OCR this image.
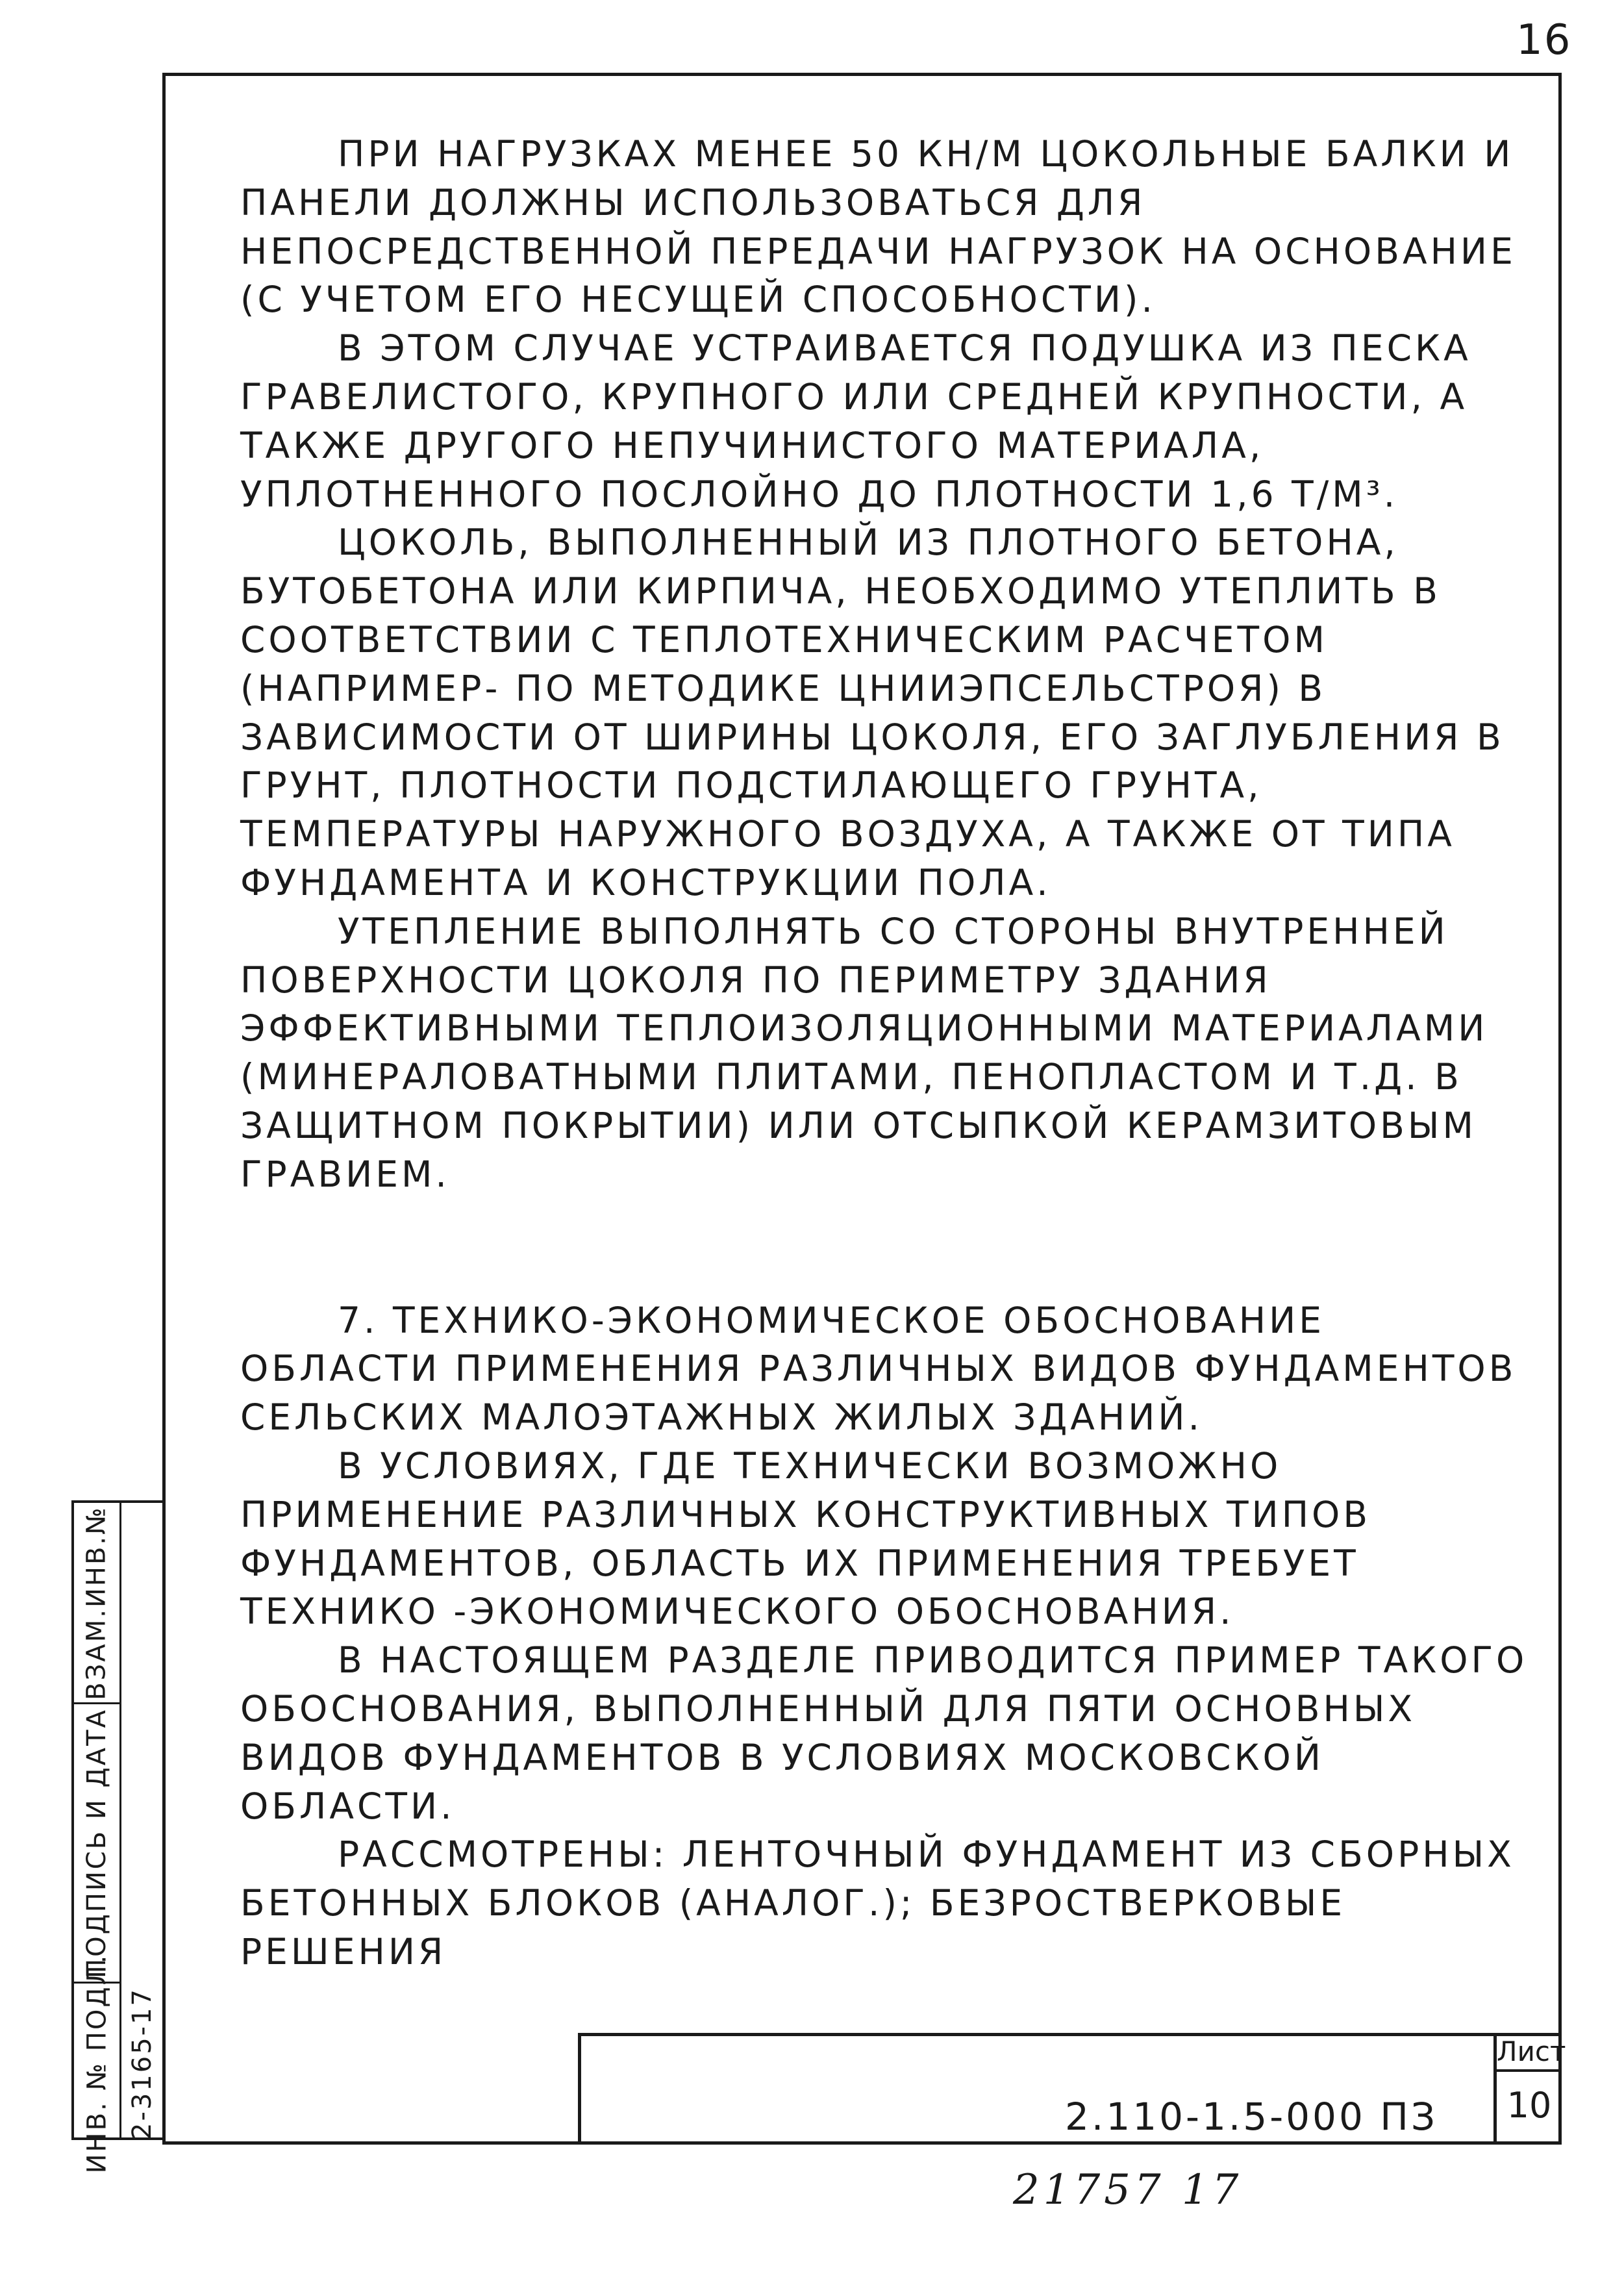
16

ПРИ НАГРУЗКАХ МЕНЕЕ 50 КН/М ЦОКОЛЬНЫЕ БАЛКИ И ПАНЕЛИ ДОЛЖНЫ ИСПОЛЬЗОВАТЬСЯ ДЛЯ НЕПОСРЕДСТВЕННОЙ ПЕРЕДАЧИ НАГРУЗОК НА ОСНОВАНИЕ (С УЧЕТОМ ЕГО НЕСУЩЕЙ СПОСОБНОСТИ).

В ЭТОМ СЛУЧАЕ УСТРАИВАЕТСЯ ПОДУШКА ИЗ ПЕСКА ГРАВЕЛИСТОГО, КРУПНОГО ИЛИ СРЕДНЕЙ КРУПНОСТИ, А ТАКЖЕ ДРУГОГО НЕПУЧИНИСТОГО МАТЕРИАЛА, УПЛОТНЕННОГО ПОСЛОЙНО ДО ПЛОТНОСТИ 1,6 Т/М³.

ЦОКОЛЬ, ВЫПОЛНЕННЫЙ ИЗ ПЛОТНОГО БЕТОНА, БУТОБЕТОНА ИЛИ КИРПИЧА, НЕОБХОДИМО УТЕПЛИТЬ В СООТВЕТСТВИИ С ТЕПЛОТЕХНИЧЕСКИМ РАСЧЕТОМ (НАПРИМЕР- ПО МЕТОДИКЕ ЦНИИЭПСЕЛЬСТРОЯ) В ЗАВИСИМОСТИ ОТ ШИРИНЫ ЦОКОЛЯ, ЕГО ЗАГЛУБЛЕНИЯ В ГРУНТ, ПЛОТНОСТИ ПОДСТИЛАЮЩЕГО ГРУНТА, ТЕМПЕРАТУРЫ НАРУЖНОГО ВОЗДУХА, А ТАКЖЕ ОТ ТИПА ФУНДАМЕНТА И КОНСТРУКЦИИ ПОЛА.

УТЕПЛЕНИЕ ВЫПОЛНЯТЬ СО СТОРОНЫ ВНУТРЕННЕЙ ПОВЕРХНОСТИ ЦОКОЛЯ ПО ПЕРИМЕТРУ ЗДАНИЯ ЭФФЕКТИВНЫМИ ТЕПЛОИЗОЛЯЦИОННЫМИ МАТЕРИАЛАМИ (МИНЕРАЛОВАТНЫМИ ПЛИТАМИ, ПЕНОПЛАСТОМ И Т.Д. В ЗАЩИТНОМ ПОКРЫТИИ) ИЛИ ОТСЫПКОЙ КЕРАМЗИТОВЫМ ГРАВИЕМ.

7. ТЕХНИКО-ЭКОНОМИЧЕСКОЕ ОБОСНОВАНИЕ ОБЛАСТИ ПРИМЕНЕНИЯ РАЗЛИЧНЫХ ВИДОВ ФУНДАМЕНТОВ СЕЛЬСКИХ МАЛОЭТАЖНЫХ ЖИЛЫХ ЗДАНИЙ.

В УСЛОВИЯХ, ГДЕ ТЕХНИЧЕСКИ ВОЗМОЖНО ПРИМЕНЕНИЕ РАЗЛИЧНЫХ КОНСТРУКТИВНЫХ ТИПОВ ФУНДАМЕНТОВ, ОБЛАСТЬ ИХ ПРИМЕНЕНИЯ ТРЕБУЕТ ТЕХНИКО -ЭКОНОМИЧЕСКОГО ОБОСНОВАНИЯ.

В НАСТОЯЩЕМ РАЗДЕЛЕ ПРИВОДИТСЯ ПРИМЕР ТАКОГО ОБОСНОВАНИЯ, ВЫПОЛНЕННЫЙ ДЛЯ ПЯТИ ОСНОВНЫХ ВИДОВ ФУНДАМЕНТОВ В УСЛОВИЯХ МОСКОВСКОЙ ОБЛАСТИ.

РАССМОТРЕНЫ: ЛЕНТОЧНЫЙ ФУНДАМЕНТ ИЗ СБОРНЫХ БЕТОННЫХ БЛОКОВ (АНАЛОГ.); БЕЗРОСТВЕРКОВЫЕ РЕШЕНИЯ

ВЗАМ.ИНВ.№
ПОДПИСЬ И ДАТА
ИНВ. № ПОДЛ. 2-3165-17	2.110-1.5-000 ПЗ
Лист
10
21757 17
